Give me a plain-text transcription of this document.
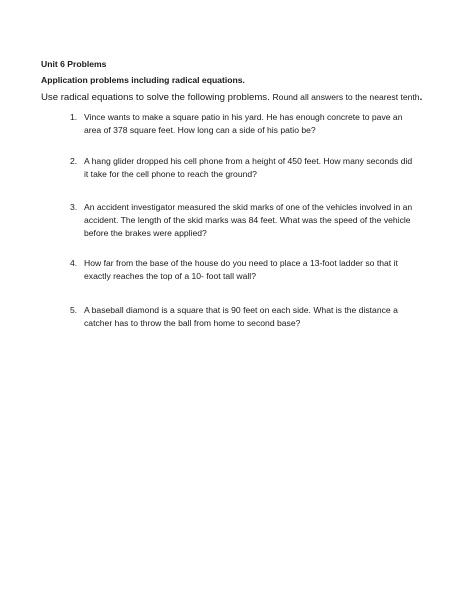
Unit 6 Problems
Application problems including radical equations.
Use radical equations to solve the following problems. Round all answers to the nearest tenth.
1. Vince wants to make a square patio in his yard. He has enough concrete to pave an area of 378 square feet. How long can a side of his patio be?
2. A hang glider dropped his cell phone from a height of 450 feet. How many seconds did it take for the cell phone to reach the ground?
3. An accident investigator measured the skid marks of one of the vehicles involved in an accident. The length of the skid marks was 84 feet. What was the speed of the vehicle before the brakes were applied?
4. How far from the base of the house do you need to place a 13-foot ladder so that it exactly reaches the top of a 10- foot tall wall?
5. A baseball diamond is a square that is 90 feet on each side. What is the distance a catcher has to throw the ball from home to second base?
